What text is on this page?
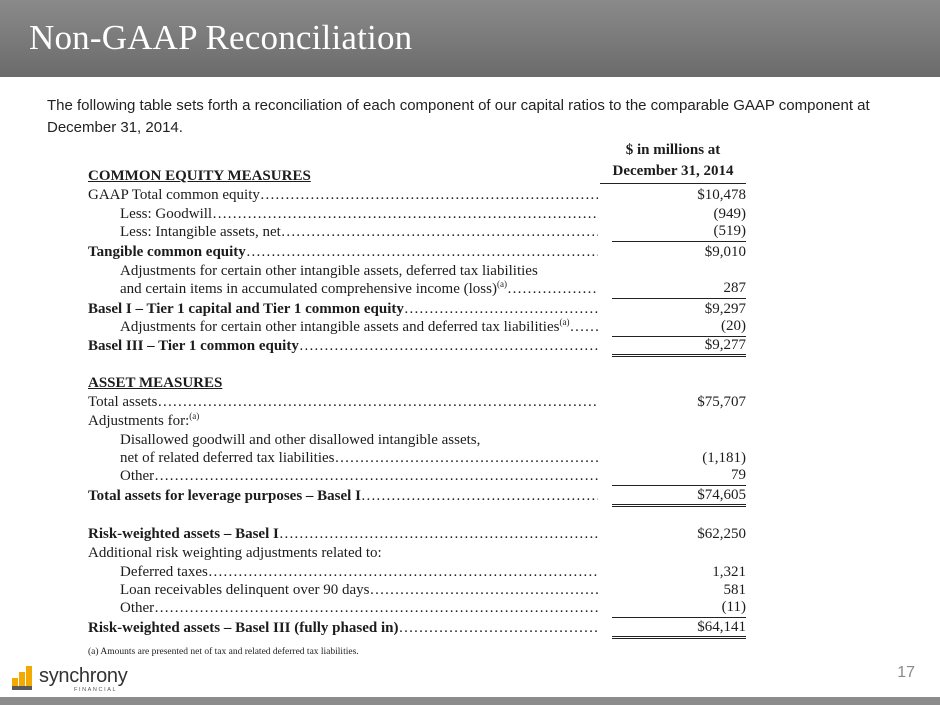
Non-GAAP Reconciliation

The following table sets forth a reconciliation of each component of our capital ratios to the comparable GAAP component at December 31, 2014.

$ in millions at
December 31, 2014
COMMON EQUITY MEASURES
GAAP Total common equity ……………………………………………………………………………………………………………………	$10,478
Less: Goodwill ……………………………………………………………………………………………………………………	(949)
Less: Intangible assets, net ……………………………………………………………………………………………………………………	(519)
Tangible common equity ……………………………………………………………………………………………………………………	$9,010
Adjustments for certain other intangible assets, deferred tax liabilities
and certain items in accumulated comprehensive income (loss)$^{(a)}$ ……………………………………………………………………………………………………………………	287
Basel I – Tier 1 capital and Tier 1 common equity ……………………………………………………………………………………………………………………	$9,297
Adjustments for certain other intangible assets and deferred tax liabilities$^{(a)}$ ……………………………………………………………………………………………………………………	(20)
Basel III – Tier 1 common equity ……………………………………………………………………………………………………………………	$9,277
ASSET MEASURES
Total assets ……………………………………………………………………………………………………………………	$75,707
Adjustments for:$^{(a)}$
Disallowed goodwill and other disallowed intangible assets,
net of related deferred tax liabilities ……………………………………………………………………………………………………………………	(1,181)
Other ……………………………………………………………………………………………………………………	79
Total assets for leverage purposes – Basel I ……………………………………………………………………………………………………………………	$74,605
Risk-weighted assets – Basel I ……………………………………………………………………………………………………………………	$62,250
Additional risk weighting adjustments related to:
Deferred taxes ……………………………………………………………………………………………………………………	1,321
Loan receivables delinquent over 90 days ……………………………………………………………………………………………………………………	581
Other ……………………………………………………………………………………………………………………	(11)
Risk-weighted assets – Basel III (fully phased in) ……………………………………………………………………………………………………………………	$64,141

(a) Amounts are presented net of tax and related deferred tax liabilities.

synchrony
FINANCIAL
17
